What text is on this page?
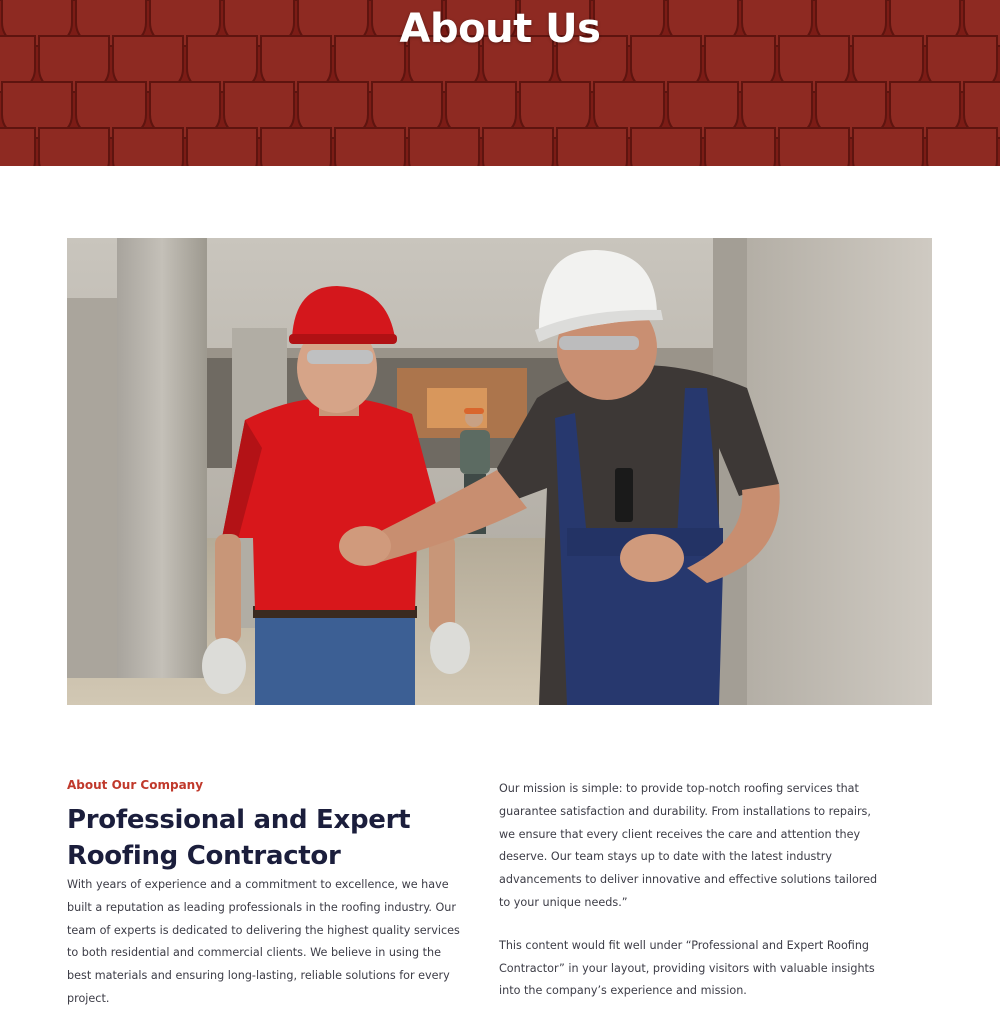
About Us
About Our Company
Professional and Expert Roofing Contractor

With years of experience and a commitment to excellence, we have built a reputation as leading professionals in the roofing industry. Our team of experts is dedicated to delivering the highest quality services to both residential and commercial clients. We believe in using the best materials and ensuring long-lasting, reliable solutions for every project.

Our mission is simple: to provide top-notch roofing services that guarantee satisfaction and durability. From installations to repairs, we ensure that every client receives the care and attention they deserve. Our team stays up to date with the latest industry advancements to deliver innovative and effective solutions tailored to your unique needs.”

This content would fit well under “Professional and Expert Roofing Contractor” in your layout, providing visitors with valuable insights into the company’s experience and mission.
